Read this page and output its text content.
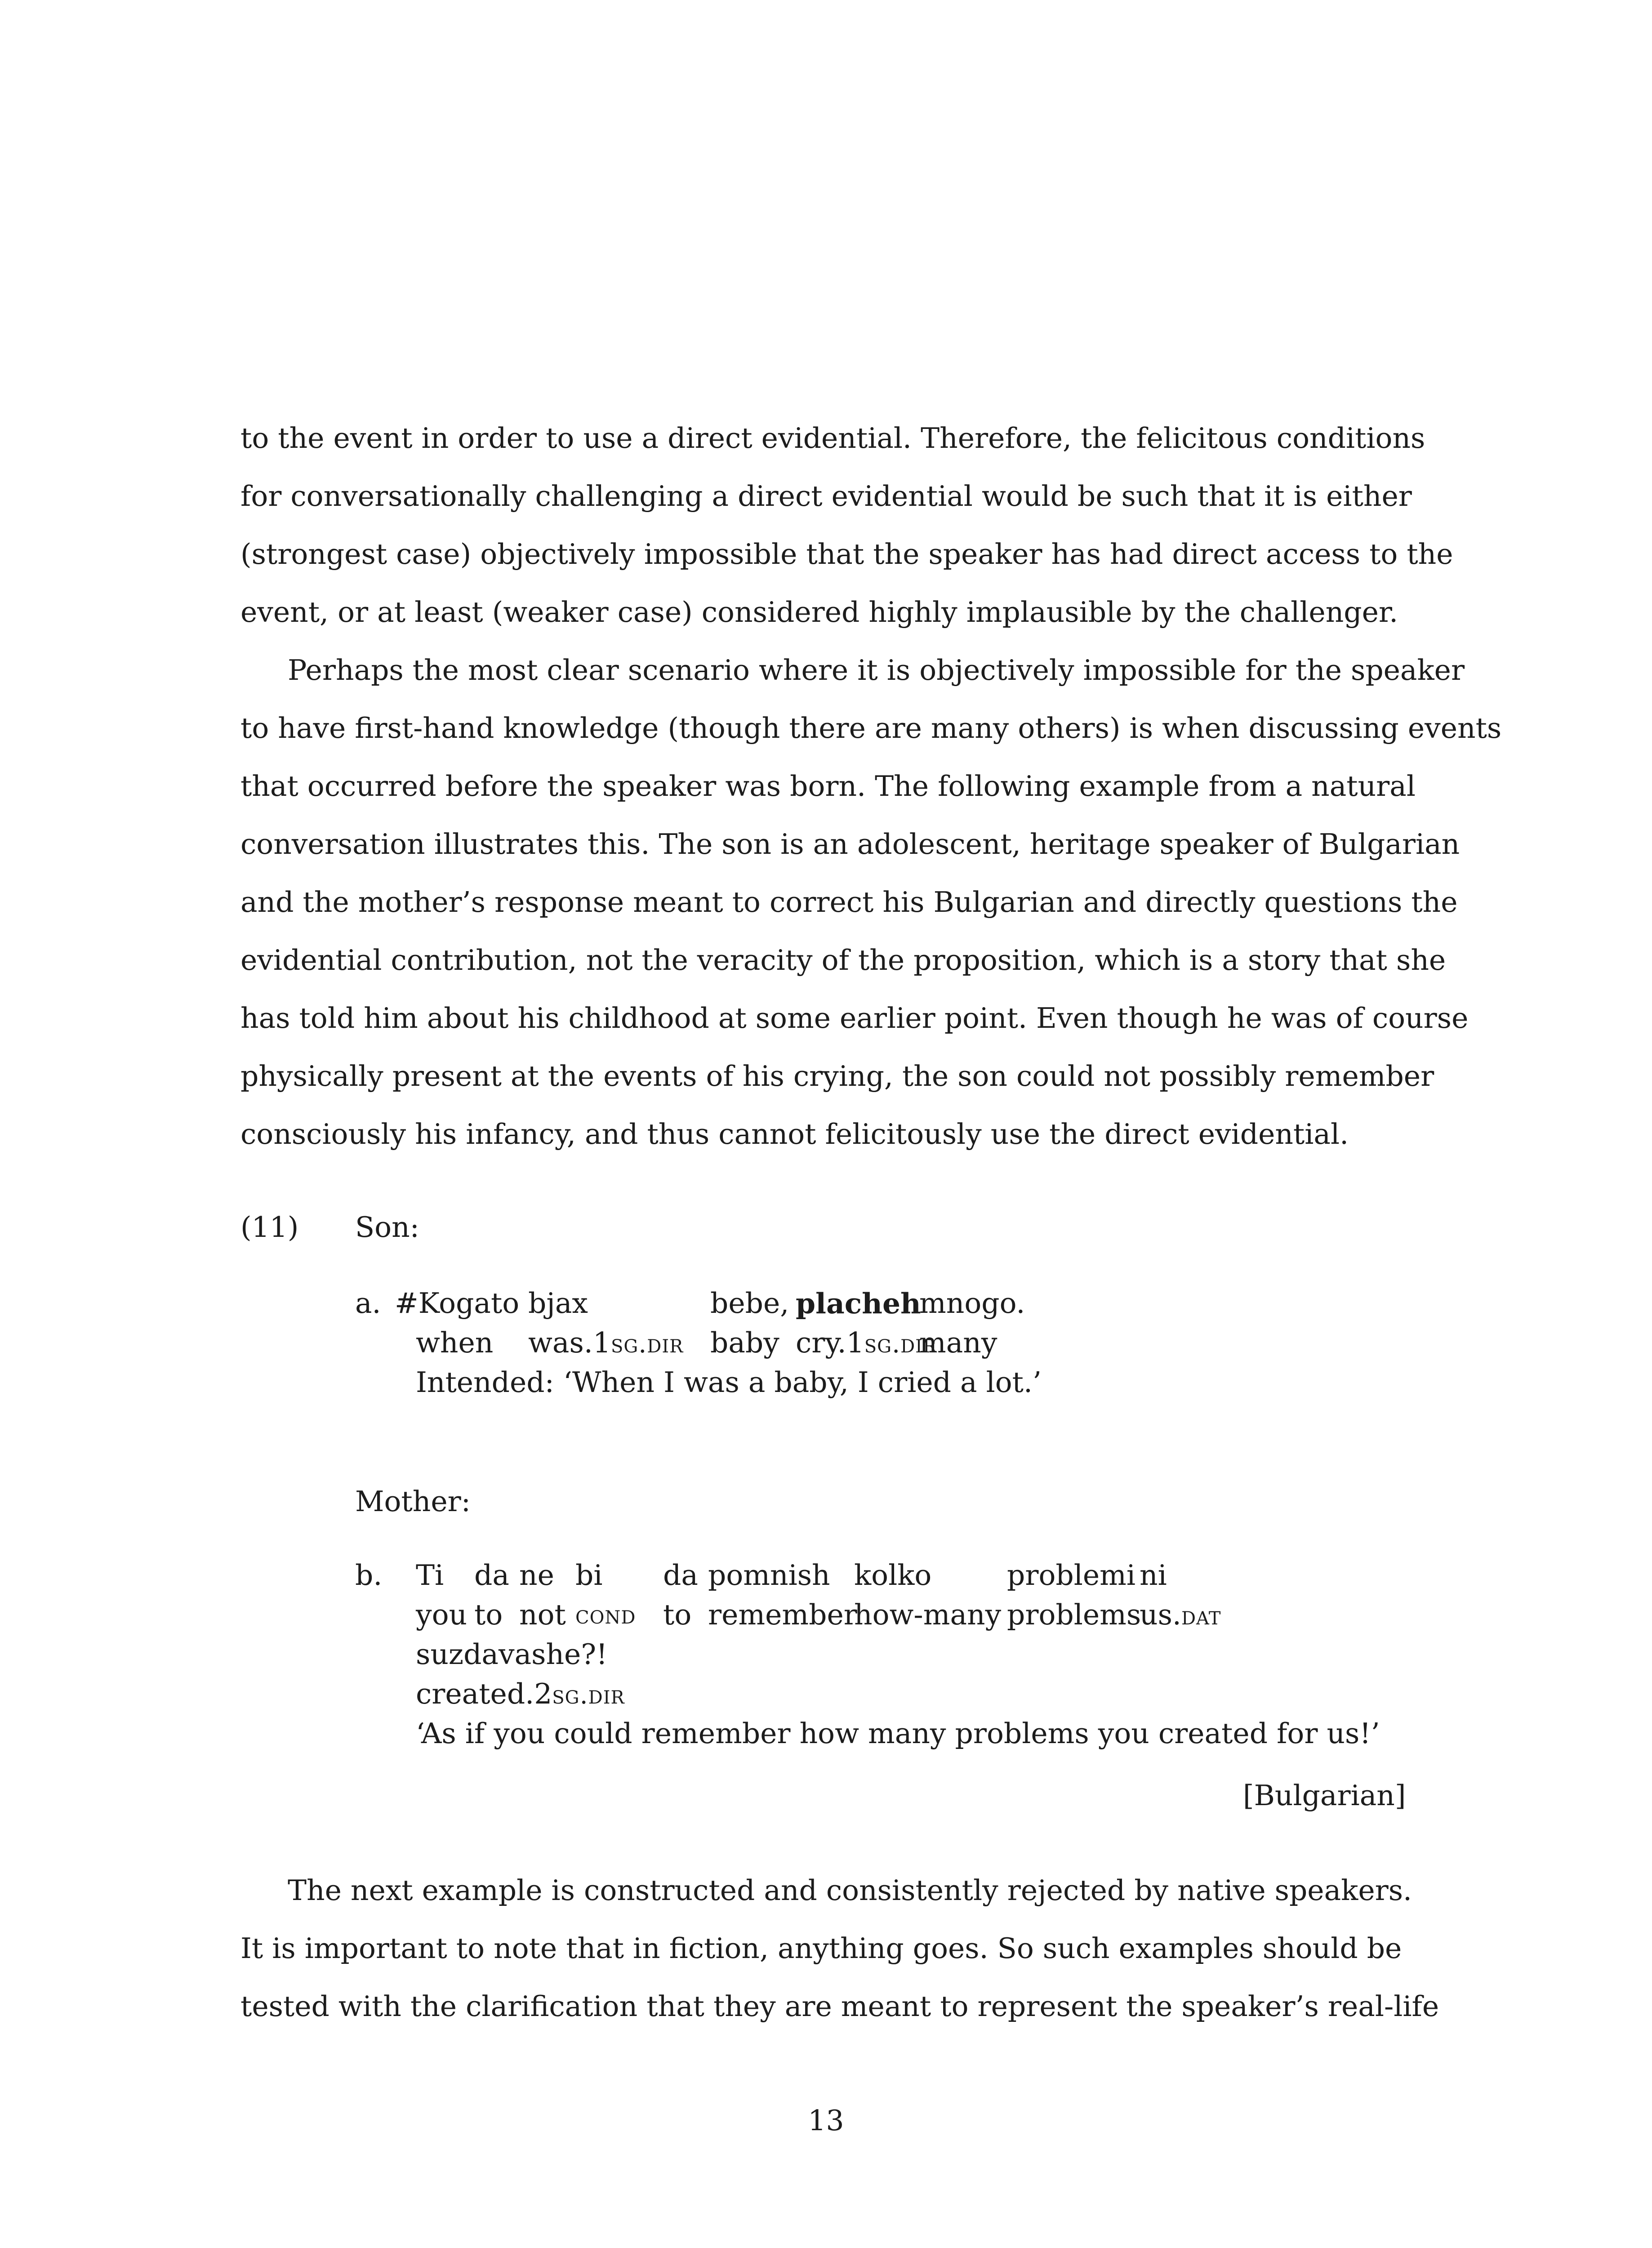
to the event in order to use a direct evidential. Therefore, the felicitous conditions
for conversationally challenging a direct evidential would be such that it is either
(strongest case) objectively impossible that the speaker has had direct access to the
event, or at least (weaker case) considered highly implausible by the challenger.
Perhaps the most clear scenario where it is objectively impossible for the speaker
to have first-hand knowledge (though there are many others) is when discussing events
that occurred before the speaker was born. The following example from a natural
conversation illustrates this. The son is an adolescent, heritage speaker of Bulgarian
and the mother’s response meant to correct his Bulgarian and directly questions the
evidential contribution, not the veracity of the proposition, which is a story that she
has told him about his childhood at some earlier point. Even though he was of course
physically present at the events of his crying, the son could not possibly remember
consciously his infancy, and thus cannot felicitously use the direct evidential.
(11) Son:
a. #Kogato bjax	bebe, placheh
mnogo.
when was.1sg.dir baby cry.1sg.dir
many
Intended: ‘When I was a baby, I cried a lot.’
Mother:
b. Ti da ne bi da pomnish kolko	problemi ni
you to not cond to remember
how-many problems
us.dat
suzdavashe?!
created.2sg.dir
‘As if you could remember how many problems you created for us!’
[Bulgarian]
The next example is constructed and consistently rejected by native speakers.
It is important to note that in fiction, anything goes. So such examples should be
tested with the clarification that they are meant to represent the speaker’s real-life
13
